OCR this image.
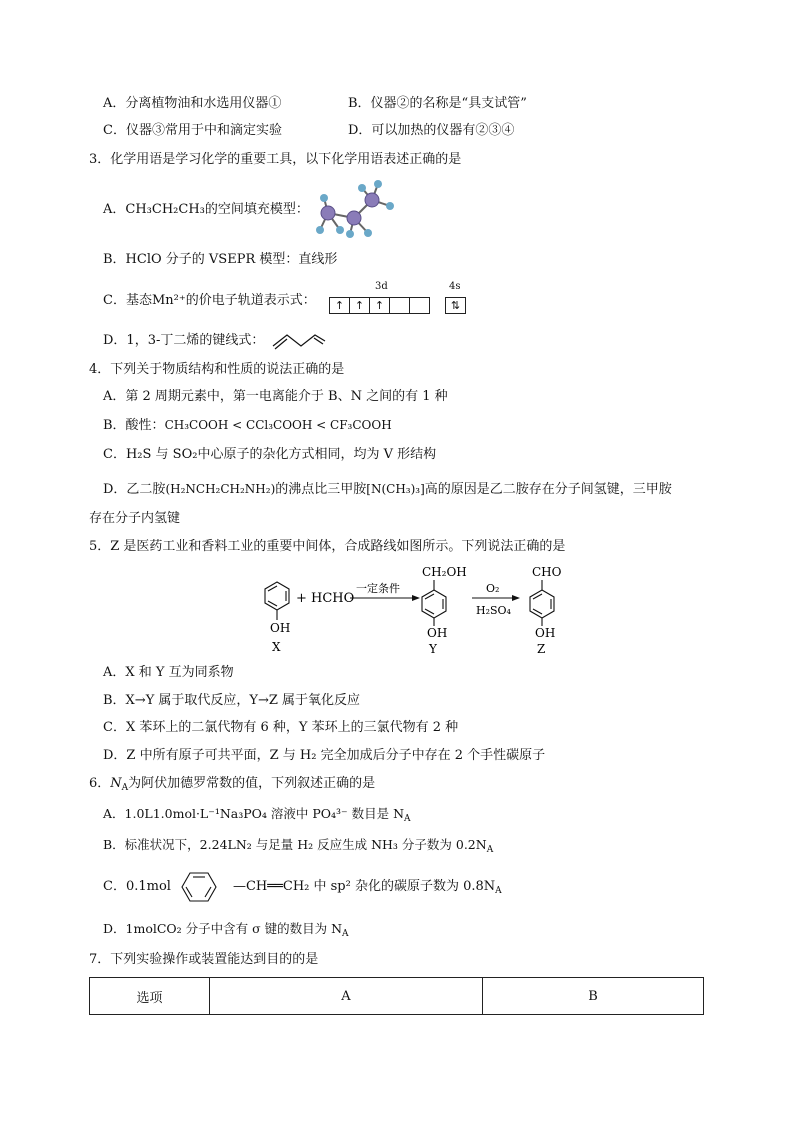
A．分离植物油和水选用仪器①	B．仪器②的名称是“具支试管”
C．仪器③常用于中和滴定实验	D．可以加热的仪器有②③④
3．化学用语是学习化学的重要工具，以下化学用语表述正确的是
A．CH₃CH₂CH₃的空间填充模型：
B．HClO 分子的 VSEPR 模型：直线形
C．基态Mn²⁺的价电子轨道表示式：
3d	4s
↑ ↑ ↑	⇅
D．1，3-丁二烯的键线式：
4．下列关于物质结构和性质的说法正确的是
A．第 2 周期元素中，第一电离能介于 B、N 之间的有 1 种
B．酸性：CH₃COOH < CCl₃COOH < CF₃COOH
C．H₂S 与 SO₂中心原子的杂化方式相同，均为 V 形结构
D．乙二胺(H₂NCH₂CH₂NH₂)的沸点比三甲胺[N(CH₃)₃]高的原因是乙二胺存在分子间氢键，三甲胺
存在分子内氢键
5．Z 是医药工业和香料工业的重要中间体，合成路线如图所示。下列说法正确的是
OH
X
+ HCHO
一定条件
CH₂OH
OH
Y
O₂
H₂SO₄
CHO
OH
Z
A．X 和 Y 互为同系物
B．X→Y 属于取代反应，Y→Z 属于氧化反应
C．X 苯环上的二氯代物有 6 种，Y 苯环上的三氯代物有 2 种
D．Z 中所有原子可共平面，Z 与 H₂ 完全加成后分子中存在 2 个手性碳原子
6．$N_A$为阿伏加德罗常数的值，下列叙述正确的是
A．1.0L1.0mol·L⁻¹Na₃PO₄ 溶液中 PO₄³⁻ 数目是 $N_A$
B．标准状况下，2.24LN₂ 与足量 H₂ 反应生成 NH₃ 分子数为 $0.2N_A$
C．0.1mol	—CH══CH₂ 中 sp² 杂化的碳原子数为 $0.8N_A$
D．1molCO₂ 分子中含有 σ 键的数目为 $N_A$
7．下列实验操作或装置能达到目的的是
选项	A	B
